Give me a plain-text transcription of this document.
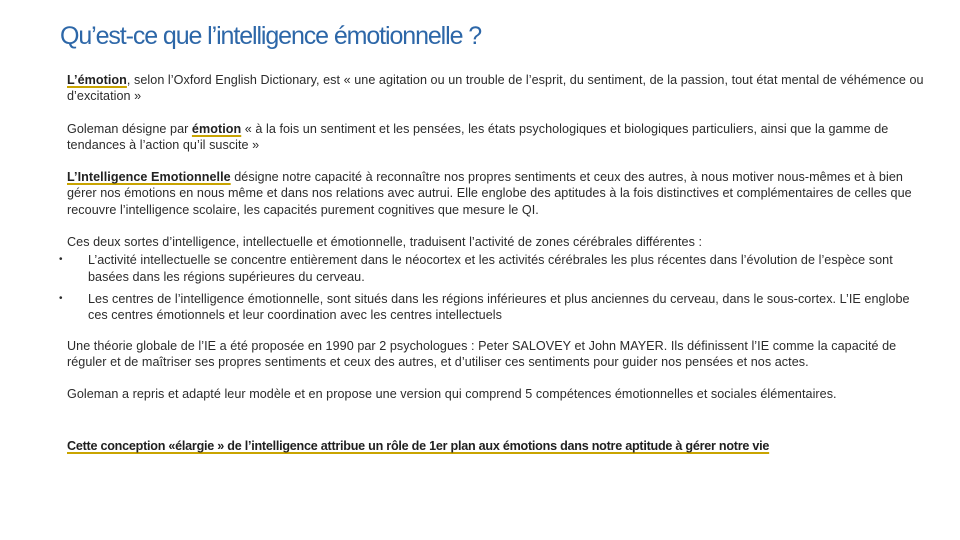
Qu’est-ce que l’intelligence émotionnelle ?

L’émotion, selon l’Oxford English Dictionary, est « une agitation ou un trouble de l’esprit, du sentiment, de la passion, tout état mental de véhémence ou d’excitation »

Goleman désigne par émotion « à la fois un sentiment et les pensées, les états psychologiques et biologiques particuliers, ainsi que la gamme de tendances à l’action qu’il suscite »

L’Intelligence Emotionnelle désigne notre capacité à reconnaître nos propres sentiments et ceux des autres, à nous motiver nous-mêmes et à bien gérer nos émotions en nous même et dans nos relations avec autrui. Elle englobe des aptitudes à la fois distinctives et complémentaires de celles que recouvre l’intelligence scolaire, les capacités purement cognitives que mesure le QI.

Ces deux sortes d’intelligence, intellectuelle et émotionnelle, traduisent l’activité de zones cérébrales différentes :

• L’activité intellectuelle se concentre entièrement dans le néocortex et les activités cérébrales les plus récentes dans l’évolution de l’espèce sont basées dans les régions supérieures du cerveau.
• Les centres de l’intelligence émotionnelle, sont situés dans les régions inférieures et plus anciennes du cerveau, dans le sous-cortex. L’IE englobe ces centres émotionnels et leur coordination avec les centres intellectuels

Une théorie globale de l’IE a été proposée en 1990 par 2 psychologues : Peter SALOVEY et John MAYER. Ils définissent l’IE comme la capacité de réguler et de maîtriser ses propres sentiments et ceux des autres, et d’utiliser ces sentiments pour guider nos pensées et nos actes.

Goleman a repris et adapté leur modèle et en propose une version qui comprend 5 compétences émotionnelles et sociales élémentaires.

Cette conception «élargie » de l’intelligence attribue un rôle de 1er plan aux émotions dans notre aptitude à gérer notre vie
